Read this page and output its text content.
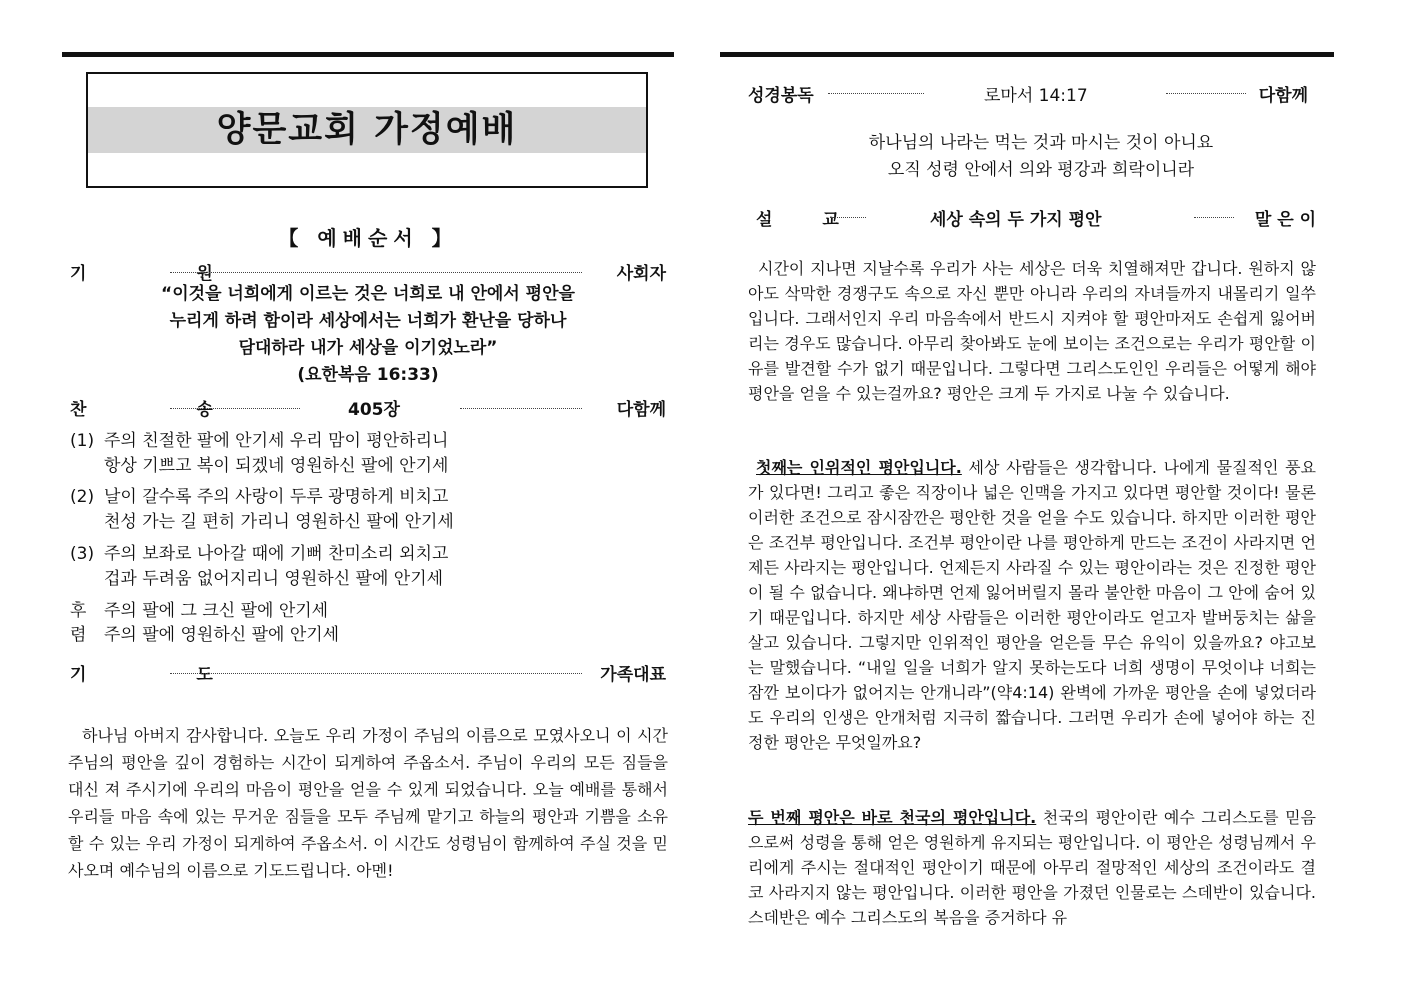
양문교회 가정예배
【 예배순서 】
기 원	사회자
“이것을 너희에게 이르는 것은 너희로 내 안에서 평안을
누리게 하려 함이라 세상에서는 너희가 환난을 당하나
담대하라 내가 세상을 이기었노라”
(요한복음 16:33)
찬 송	405장	다함께
(1) 주의 친절한 팔에 안기세 우리 맘이 평안하리니
항상 기쁘고 복이 되겠네 영원하신 팔에 안기세
(2) 날이 갈수록 주의 사랑이 두루 광명하게 비치고
천성 가는 길 편히 가리니 영원하신 팔에 안기세
(3) 주의 보좌로 나아갈 때에 기뻐 찬미소리 외치고
겁과 두려움 없어지리니 영원하신 팔에 안기세
후 주의 팔에 그 크신 팔에 안기세
렴 주의 팔에 영원하신 팔에 안기세
기 도	가족대표
하나님 아버지 감사합니다. 오늘도 우리 가정이 주님의 이름으로 모였사오니 이 시간 주님의 평안을 깊이 경험하는 시간이 되게하여 주옵소서. 주님이 우리의 모든 짐들을 대신 져 주시기에 우리의 마음이 평안을 얻을 수 있게 되었습니다. 오늘 예배를 통해서 우리들 마음 속에 있는 무거운 짐들을 모두 주님께 맡기고 하늘의 평안과 기쁨을 소유할 수 있는 우리 가정이 되게하여 주옵소서. 이 시간도 성령님이 함께하여 주실 것을 믿사오며 예수님의 이름으로 기도드립니다. 아멘!
성경봉독	로마서 14:17	다함께
하나님의 나라는 먹는 것과 마시는 것이 아니요
오직 성령 안에서 의와 평강과 희락이니라
설 교	세상 속의 두 가지 평안	말 은 이
시간이 지나면 지날수록 우리가 사는 세상은 더욱 치열해져만 갑니다. 원하지 않아도 삭막한 경쟁구도 속으로 자신 뿐만 아니라 우리의 자녀들까지 내몰리기 일쑤입니다. 그래서인지 우리 마음속에서 반드시 지켜야 할 평안마저도 손쉽게 잃어버리는 경우도 많습니다. 아무리 찾아봐도 눈에 보이는 조건으로는 우리가 평안할 이유를 발견할 수가 없기 때문입니다. 그렇다면 그리스도인인 우리들은 어떻게 해야 평안을 얻을 수 있는걸까요? 평안은 크게 두 가지로 나눌 수 있습니다.
첫째는 인위적인 평안입니다. 세상 사람들은 생각합니다. 나에게 물질적인 풍요가 있다면! 그리고 좋은 직장이나 넓은 인맥을 가지고 있다면 평안할 것이다! 물론 이러한 조건으로 잠시잠깐은 평안한 것을 얻을 수도 있습니다. 하지만 이러한 평안은 조건부 평안입니다. 조건부 평안이란 나를 평안하게 만드는 조건이 사라지면 언제든 사라지는 평안입니다. 언제든지 사라질 수 있는 평안이라는 것은 진정한 평안이 될 수 없습니다. 왜냐하면 언제 잃어버릴지 몰라 불안한 마음이 그 안에 숨어 있기 때문입니다. 하지만 세상 사람들은 이러한 평안이라도 얻고자 발버둥치는 삶을 살고 있습니다. 그렇지만 인위적인 평안을 얻은들 무슨 유익이 있을까요? 야고보는 말했습니다. “내일 일을 너희가 알지 못하는도다 너희 생명이 무엇이냐 너희는 잠깐 보이다가 없어지는 안개니라”(약4:14) 완벽에 가까운 평안을 손에 넣었더라도 우리의 인생은 안개처럼 지극히 짧습니다. 그러면 우리가 손에 넣어야 하는 진정한 평안은 무엇일까요?
두 번째 평안은 바로 천국의 평안입니다. 천국의 평안이란 예수 그리스도를 믿음으로써 성령을 통해 얻은 영원하게 유지되는 평안입니다. 이 평안은 성령님께서 우리에게 주시는 절대적인 평안이기 때문에 아무리 절망적인 세상의 조건이라도 결코 사라지지 않는 평안입니다. 이러한 평안을 가졌던 인물로는 스데반이 있습니다. 스데반은 예수 그리스도의 복음을 증거하다 유
